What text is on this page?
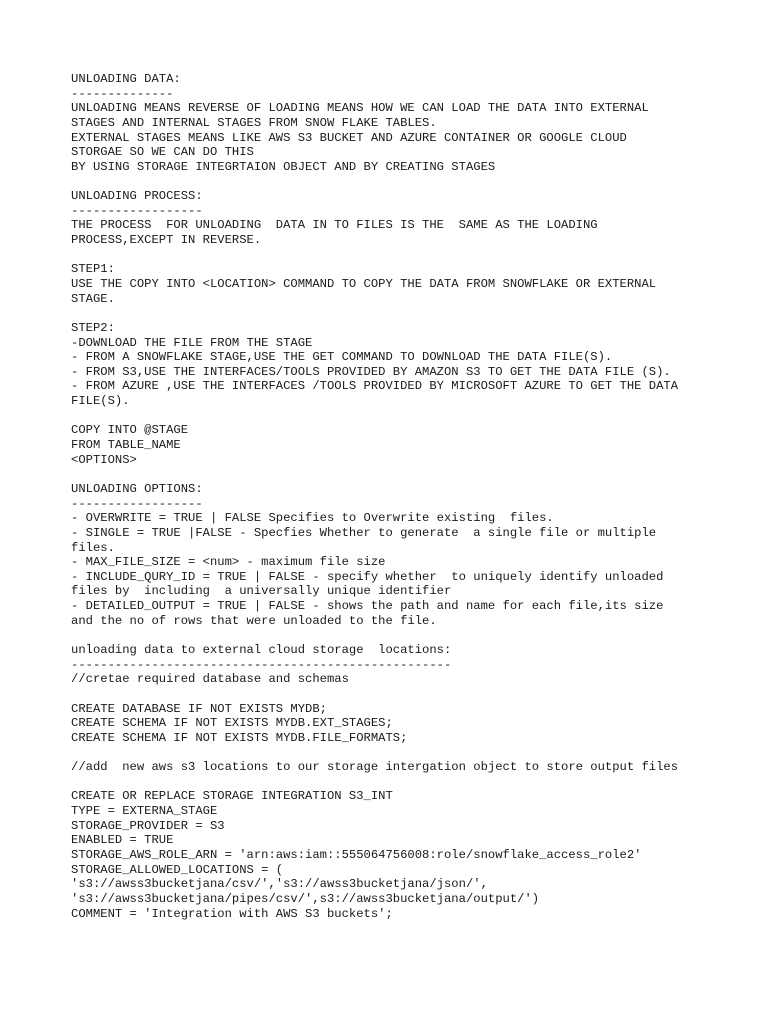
UNLOADING DATA:
--------------
UNLOADING MEANS REVERSE OF LOADING MEANS HOW WE CAN LOAD THE DATA INTO EXTERNAL
STAGES AND INTERNAL STAGES FROM SNOW FLAKE TABLES.
EXTERNAL STAGES MEANS LIKE AWS S3 BUCKET AND AZURE CONTAINER OR GOOGLE CLOUD
STORGAE SO WE CAN DO THIS
BY USING STORAGE INTEGRTAION OBJECT AND BY CREATING STAGES
UNLOADING PROCESS:
------------------
THE PROCESS  FOR UNLOADING  DATA IN TO FILES IS THE  SAME AS THE LOADING
PROCESS,EXCEPT IN REVERSE.
STEP1:
USE THE COPY INTO <LOCATION> COMMAND TO COPY THE DATA FROM SNOWFLAKE OR EXTERNAL
STAGE.
STEP2:
-DOWNLOAD THE FILE FROM THE STAGE
- FROM A SNOWFLAKE STAGE,USE THE GET COMMAND TO DOWNLOAD THE DATA FILE(S).
- FROM S3,USE THE INTERFACES/TOOLS PROVIDED BY AMAZON S3 TO GET THE DATA FILE (S).
- FROM AZURE ,USE THE INTERFACES /TOOLS PROVIDED BY MICROSOFT AZURE TO GET THE DATA
FILE(S).
COPY INTO @STAGE
FROM TABLE_NAME
<OPTIONS>
UNLOADING OPTIONS:
------------------
- OVERWRITE = TRUE | FALSE Specifies to Overwrite existing  files.
- SINGLE = TRUE |FALSE - Specfies Whether to generate  a single file or multiple
files.
- MAX_FILE_SIZE = <num> - maximum file size
- INCLUDE_QURY_ID = TRUE | FALSE - specify whether  to uniquely identify unloaded
files by  including  a universally unique identifier
- DETAILED_OUTPUT = TRUE | FALSE - shows the path and name for each file,its size
and the no of rows that were unloaded to the file.
unloading data to external cloud storage  locations:
----------------------------------------------------
//cretae required database and schemas
CREATE DATABASE IF NOT EXISTS MYDB;
CREATE SCHEMA IF NOT EXISTS MYDB.EXT_STAGES;
CREATE SCHEMA IF NOT EXISTS MYDB.FILE_FORMATS;
//add  new aws s3 locations to our storage intergation object to store output files
CREATE OR REPLACE STORAGE INTEGRATION S3_INT
TYPE = EXTERNA_STAGE
STORAGE_PROVIDER = S3
ENABLED = TRUE
STORAGE_AWS_ROLE_ARN = 'arn:aws:iam::555064756008:role/snowflake_access_role2'
STORAGE_ALLOWED_LOCATIONS = (
's3://awss3bucketjana/csv/','s3://awss3bucketjana/json/',
's3://awss3bucketjana/pipes/csv/',s3://awss3bucketjana/output/')
COMMENT = 'Integration with AWS S3 buckets';
